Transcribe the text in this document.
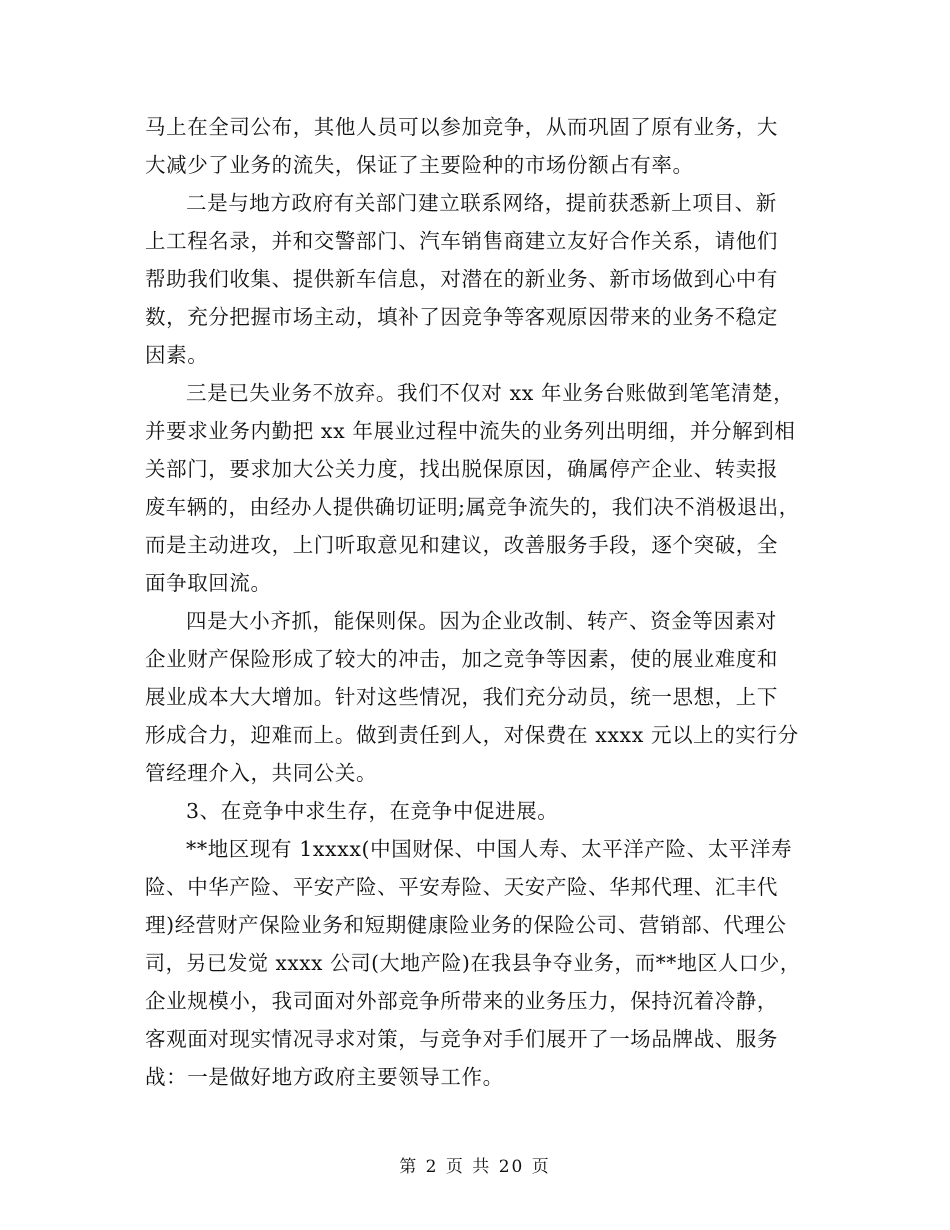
马上在全司公布，其他人员可以参加竞争，从而巩固了原有业务，大
大减少了业务的流失，保证了主要险种的市场份额占有率。
二是与地方政府有关部门建立联系网络，提前获悉新上项目、新
上工程名录，并和交警部门、汽车销售商建立友好合作关系，请他们
帮助我们收集、提供新车信息，对潜在的新业务、新市场做到心中有
数，充分把握市场主动，填补了因竞争等客观原因带来的业务不稳定
因素。
三是已失业务不放弃。我们不仅对 xx 年业务台账做到笔笔清楚，
并要求业务内勤把 xx 年展业过程中流失的业务列出明细，并分解到相
关部门，要求加大公关力度，找出脱保原因，确属停产企业、转卖报
废车辆的，由经办人提供确切证明;属竞争流失的，我们决不消极退出，
而是主动进攻，上门听取意见和建议，改善服务手段，逐个突破，全
面争取回流。
四是大小齐抓，能保则保。因为企业改制、转产、资金等因素对
企业财产保险形成了较大的冲击，加之竞争等因素，使的展业难度和
展业成本大大增加。针对这些情况，我们充分动员，统一思想，上下
形成合力，迎难而上。做到责任到人，对保费在 xxxx 元以上的实行分
管经理介入，共同公关。
3、在竞争中求生存，在竞争中促进展。
**地区现有 1xxxx(中国财保、中国人寿、太平洋产险、太平洋寿
险、中华产险、平安产险、平安寿险、天安产险、华邦代理、汇丰代
理)经营财产保险业务和短期健康险业务的保险公司、营销部、代理公
司，另已发觉 xxxx 公司(大地产险)在我县争夺业务，而**地区人口少，
企业规模小，我司面对外部竞争所带来的业务压力，保持沉着冷静，
客观面对现实情况寻求对策，与竞争对手们展开了一场品牌战、服务
战：一是做好地方政府主要领导工作。
第 2 页 共 20 页
